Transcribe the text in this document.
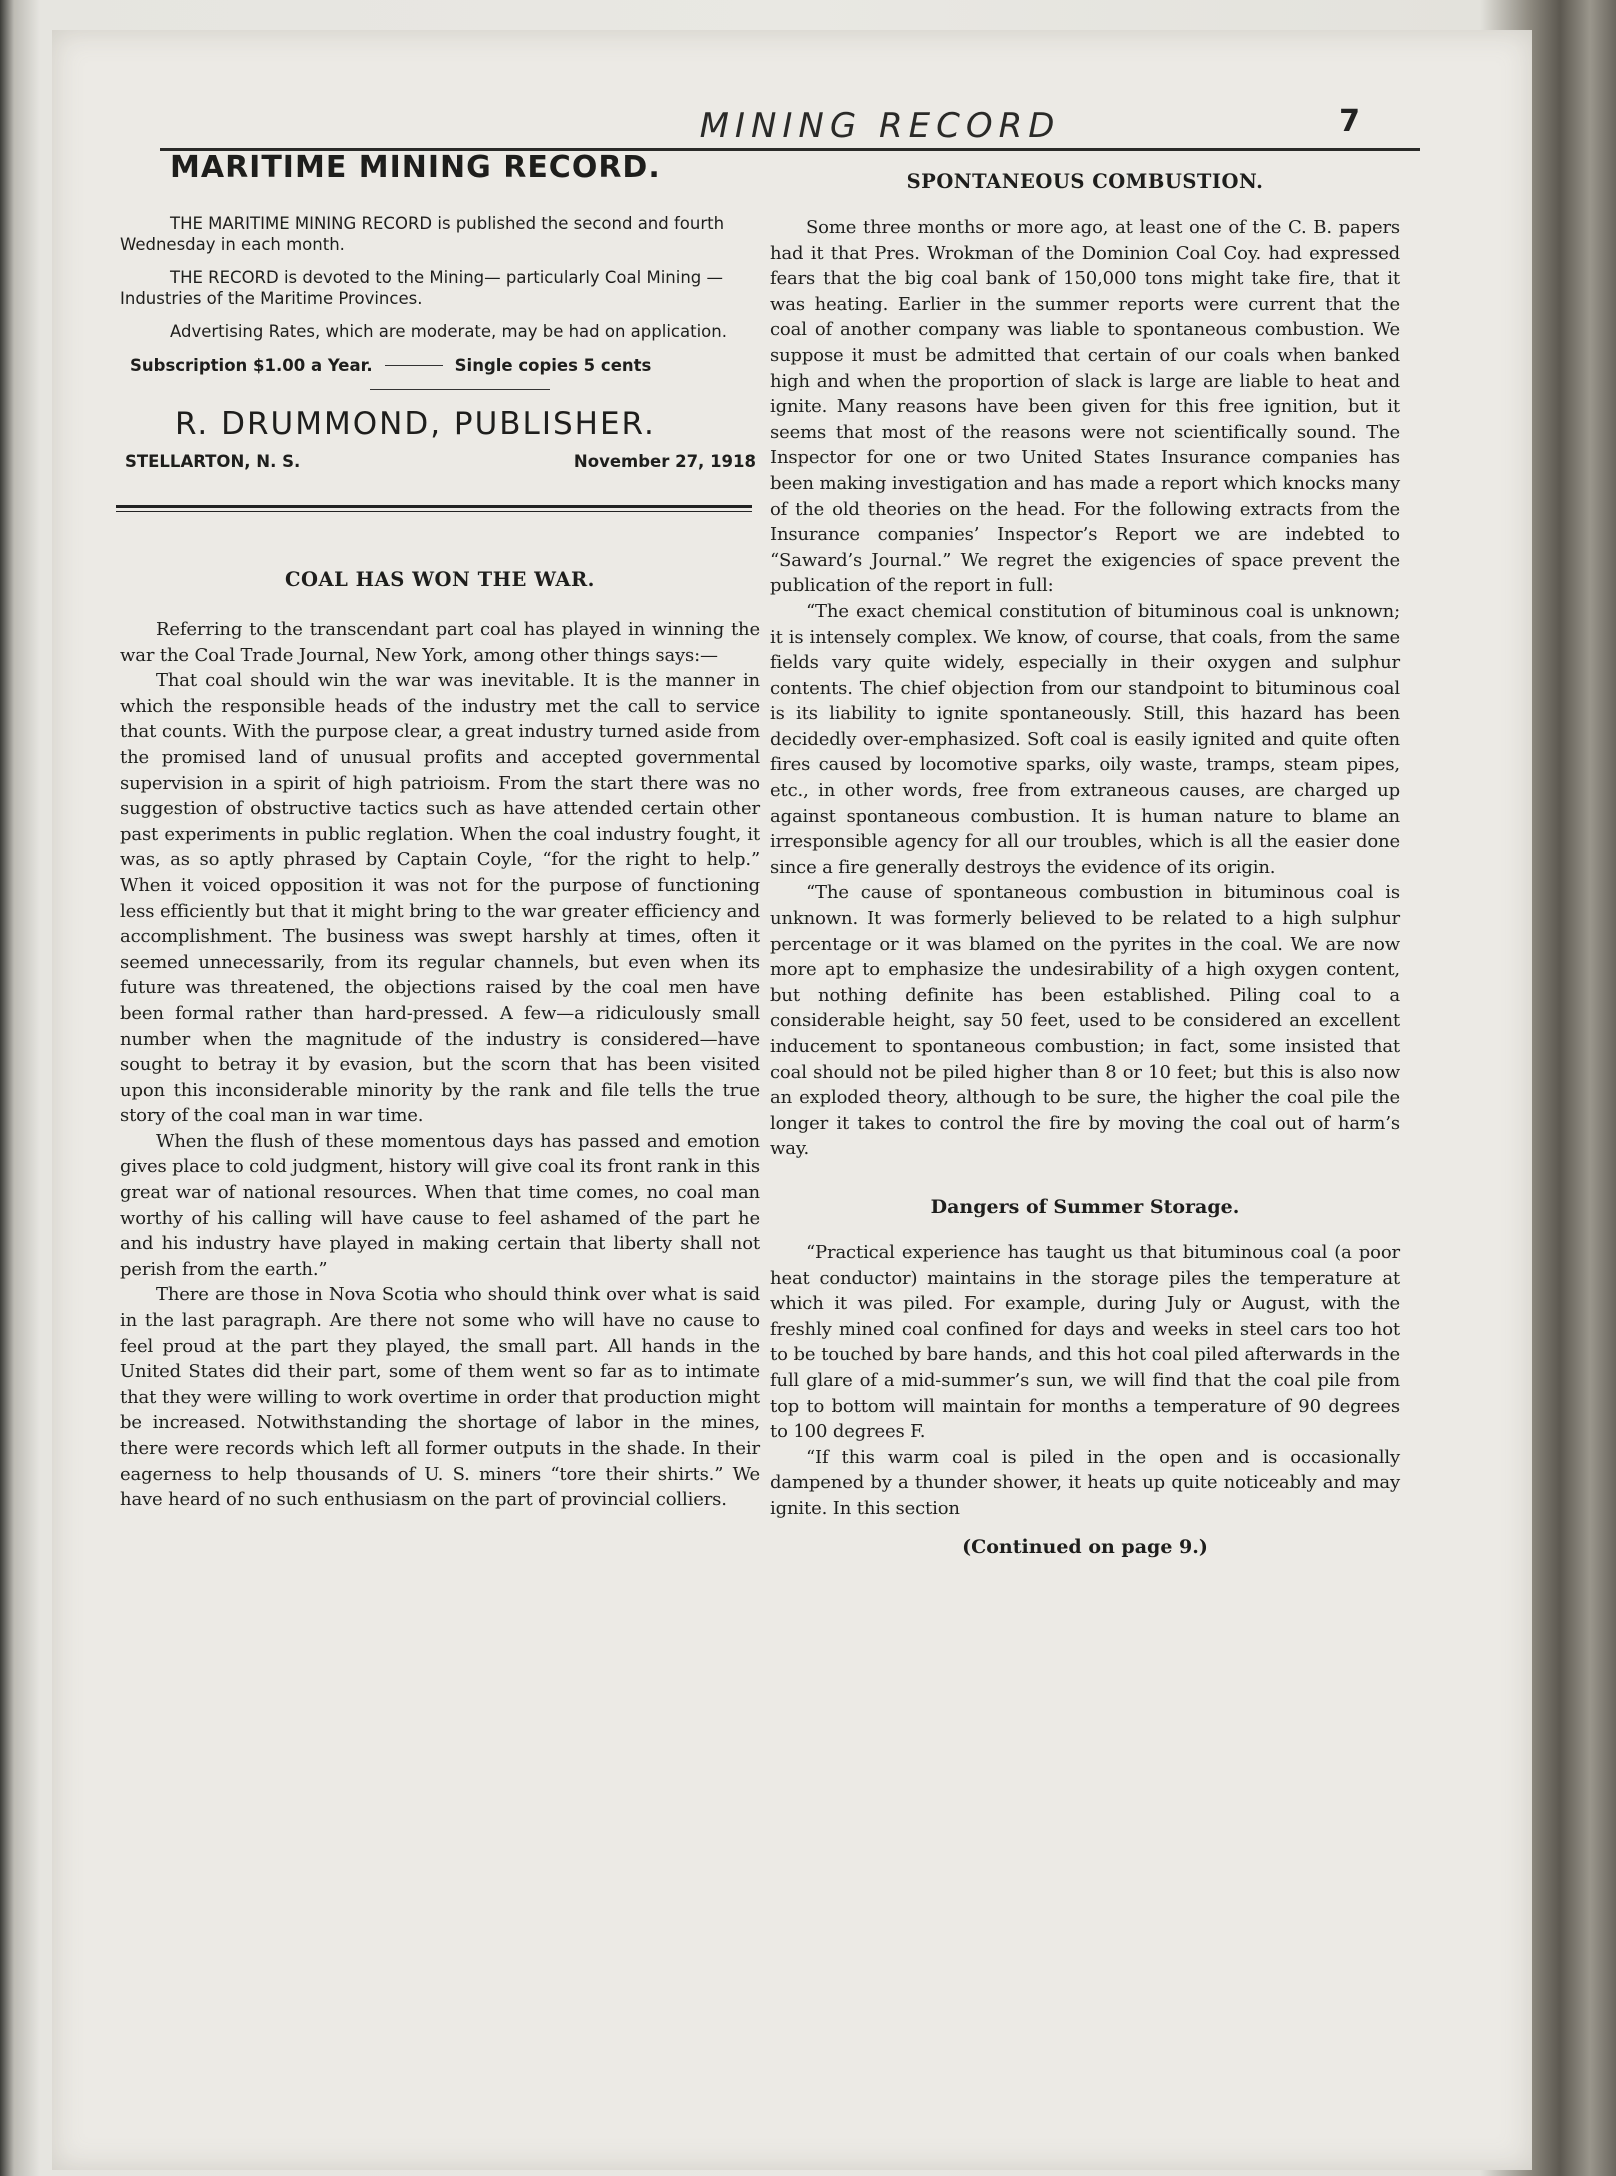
MINING RECORD	7
MARITIME MINING RECORD.

THE MARITIME MINING RECORD is published the second and fourth Wednesday in each month.

THE RECORD is devoted to the Mining— particularly Coal Mining —Industries of the Maritime Provinces.

Advertising Rates, which are moderate, may be had on application.

Subscription $1.00 a Year.	Single copies 5 cents
R. DRUMMOND, PUBLISHER.
STELLARTON, N. S.	November 27, 1918
COAL HAS WON THE WAR.

Referring to the transcendant part coal has played in winning the war the Coal Trade Journal, New York, among other things says:—

That coal should win the war was inevitable. It is the manner in which the responsible heads of the industry met the call to service that counts. With the purpose clear, a great industry turned aside from the promised land of unusual profits and accepted governmental supervision in a spirit of high patrioism. From the start there was no suggestion of obstructive tactics such as have attended certain other past experiments in public reglation. When the coal industry fought, it was, as so aptly phrased by Captain Coyle, “for the right to help.” When it voiced opposition it was not for the purpose of functioning less efficiently but that it might bring to the war greater efficiency and accomplishment. The business was swept harshly at times, often it seemed unnecessarily, from its regular channels, but even when its future was threatened, the objections raised by the coal men have been formal rather than hard-pressed. A few—a ridiculously small number when the magnitude of the industry is considered—have sought to betray it by evasion, but the scorn that has been visited upon this inconsiderable minority by the rank and file tells the true story of the coal man in war time.

When the flush of these momentous days has passed and emotion gives place to cold judgment, history will give coal its front rank in this great war of national resources. When that time comes, no coal man worthy of his calling will have cause to feel ashamed of the part he and his industry have played in making certain that liberty shall not perish from the earth.”

There are those in Nova Scotia who should think over what is said in the last paragraph. Are there not some who will have no cause to feel proud at the part they played, the small part. All hands in the United States did their part, some of them went so far as to intimate that they were willing to work overtime in order that production might be increased. Notwithstanding the shortage of labor in the mines, there were records which left all former outputs in the shade. In their eagerness to help thousands of U. S. miners “tore their shirts.” We have heard of no such enthusiasm on the part of provincial colliers.

SPONTANEOUS COMBUSTION.

Some three months or more ago, at least one of the C. B. papers had it that Pres. Wrokman of the Dominion Coal Coy. had expressed fears that the big coal bank of 150,000 tons might take fire, that it was heating. Earlier in the summer reports were current that the coal of another company was liable to spontaneous combustion. We suppose it must be admitted that certain of our coals when banked high and when the proportion of slack is large are liable to heat and ignite. Many reasons have been given for this free ignition, but it seems that most of the reasons were not scientifically sound. The Inspector for one or two United States Insurance companies has been making investigation and has made a report which knocks many of the old theories on the head. For the following extracts from the Insurance companies’ Inspector’s Report we are indebted to “Saward’s Journal.” We regret the exigencies of space prevent the publication of the report in full:

“The exact chemical constitution of bituminous coal is unknown; it is intensely complex. We know, of course, that coals, from the same fields vary quite widely, especially in their oxygen and sulphur contents. The chief objection from our standpoint to bituminous coal is its liability to ignite spontaneously. Still, this hazard has been decidedly over-emphasized. Soft coal is easily ignited and quite often fires caused by locomotive sparks, oily waste, tramps, steam pipes, etc., in other words, free from extraneous causes, are charged up against spontaneous combustion. It is human nature to blame an irresponsible agency for all our troubles, which is all the easier done since a fire generally destroys the evidence of its origin.

“The cause of spontaneous combustion in bituminous coal is unknown. It was formerly believed to be related to a high sulphur percentage or it was blamed on the pyrites in the coal. We are now more apt to emphasize the undesirability of a high oxygen content, but nothing definite has been established. Piling coal to a considerable height, say 50 feet, used to be considered an excellent inducement to spontaneous combustion; in fact, some insisted that coal should not be piled higher than 8 or 10 feet; but this is also now an exploded theory, although to be sure, the higher the coal pile the longer it takes to control the fire by moving the coal out of harm’s way.

Dangers of Summer Storage.

“Practical experience has taught us that bituminous coal (a poor heat conductor) maintains in the storage piles the temperature at which it was piled. For example, during July or August, with the freshly mined coal confined for days and weeks in steel cars too hot to be touched by bare hands, and this hot coal piled afterwards in the full glare of a mid-summer’s sun, we will find that the coal pile from top to bottom will maintain for months a temperature of 90 degrees to 100 degrees F.

“If this warm coal is piled in the open and is occasionally dampened by a thunder shower, it heats up quite noticeably and may ignite. In this section

(Continued on page 9.)
